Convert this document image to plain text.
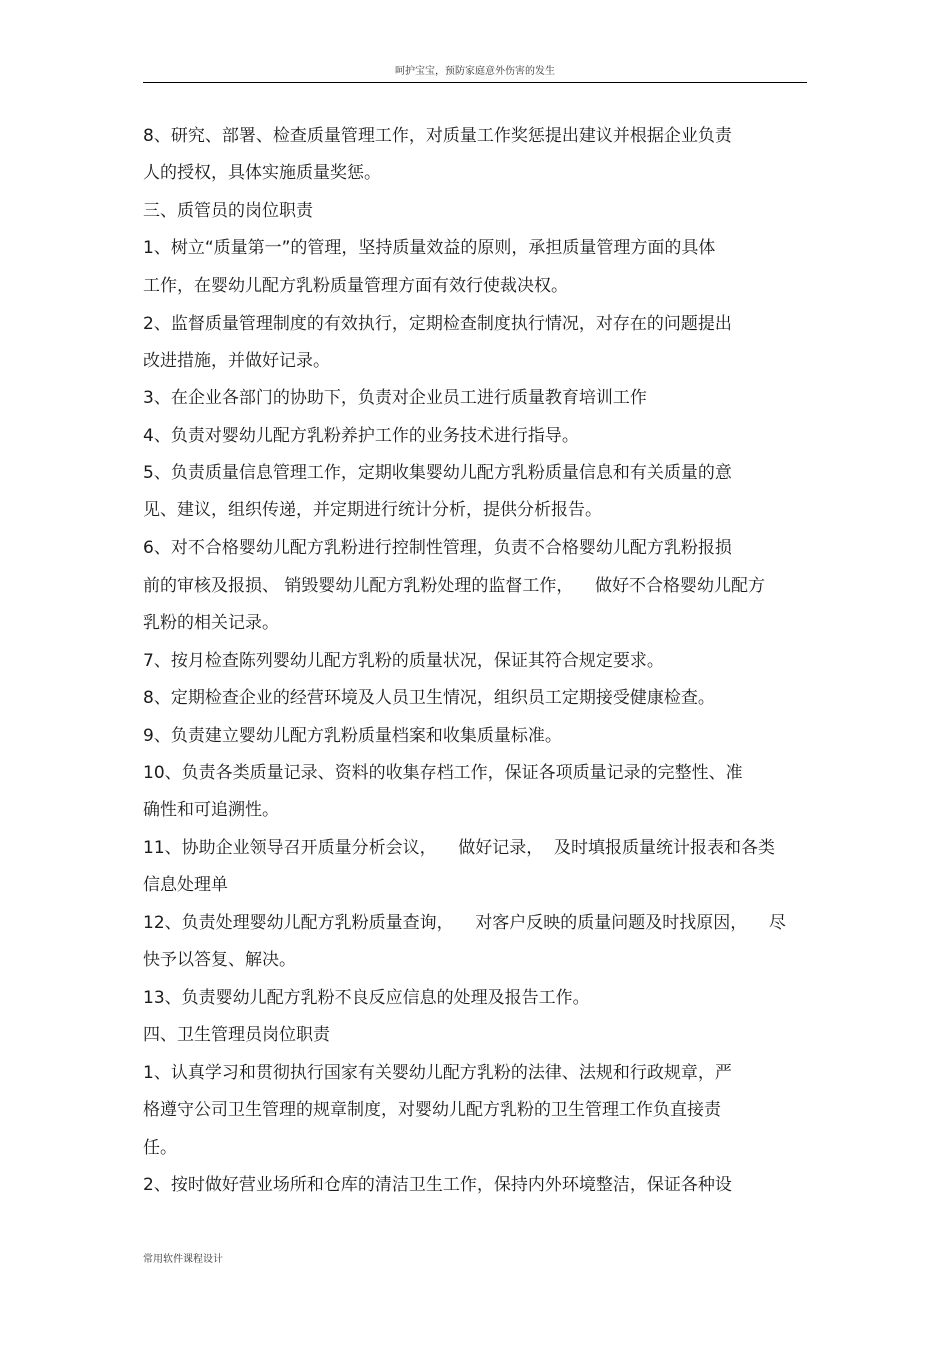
呵护宝宝，预防家庭意外伤害的发生
8、研究、部署、检查质量管理工作，对质量工作奖惩提出建议并根据企业负责
人的授权，具体实施质量奖惩。
三、质管员的岗位职责
1、树立“质量第一”的管理，坚持质量效益的原则，承担质量管理方面的具体
工作，在婴幼儿配方乳粉质量管理方面有效行使裁决权。
2、监督质量管理制度的有效执行，定期检查制度执行情况，对存在的问题提出
改进措施，并做好记录。
3、在企业各部门的协助下，负责对企业员工进行质量教育培训工作
4、负责对婴幼儿配方乳粉养护工作的业务技术进行指导。
5、负责质量信息管理工作，定期收集婴幼儿配方乳粉质量信息和有关质量的意
见、建议，组织传递，并定期进行统计分析，提供分析报告。
6、对不合格婴幼儿配方乳粉进行控制性管理，负责不合格婴幼儿配方乳粉报损
前的审核及报损、 销毁婴幼儿配方乳粉处理的监督工作，    做好不合格婴幼儿配方
乳粉的相关记录。
7、按月检查陈列婴幼儿配方乳粉的质量状况，保证其符合规定要求。
8、定期检查企业的经营环境及人员卫生情况，组织员工定期接受健康检查。
9、负责建立婴幼儿配方乳粉质量档案和收集质量标准。
10、负责各类质量记录、资料的收集存档工作，保证各项质量记录的完整性、准
确性和可追溯性。
11、协助企业领导召开质量分析会议，    做好记录，  及时填报质量统计报表和各类
信息处理单
12、负责处理婴幼儿配方乳粉质量查询，    对客户反映的质量问题及时找原因，    尽
快予以答复、解决。
13、负责婴幼儿配方乳粉不良反应信息的处理及报告工作。
四、卫生管理员岗位职责
1、认真学习和贯彻执行国家有关婴幼儿配方乳粉的法律、法规和行政规章，严
格遵守公司卫生管理的规章制度，对婴幼儿配方乳粉的卫生管理工作负直接责
任。
2、按时做好营业场所和仓库的清洁卫生工作，保持内外环境整洁，保证各种设
常用软件课程设计
